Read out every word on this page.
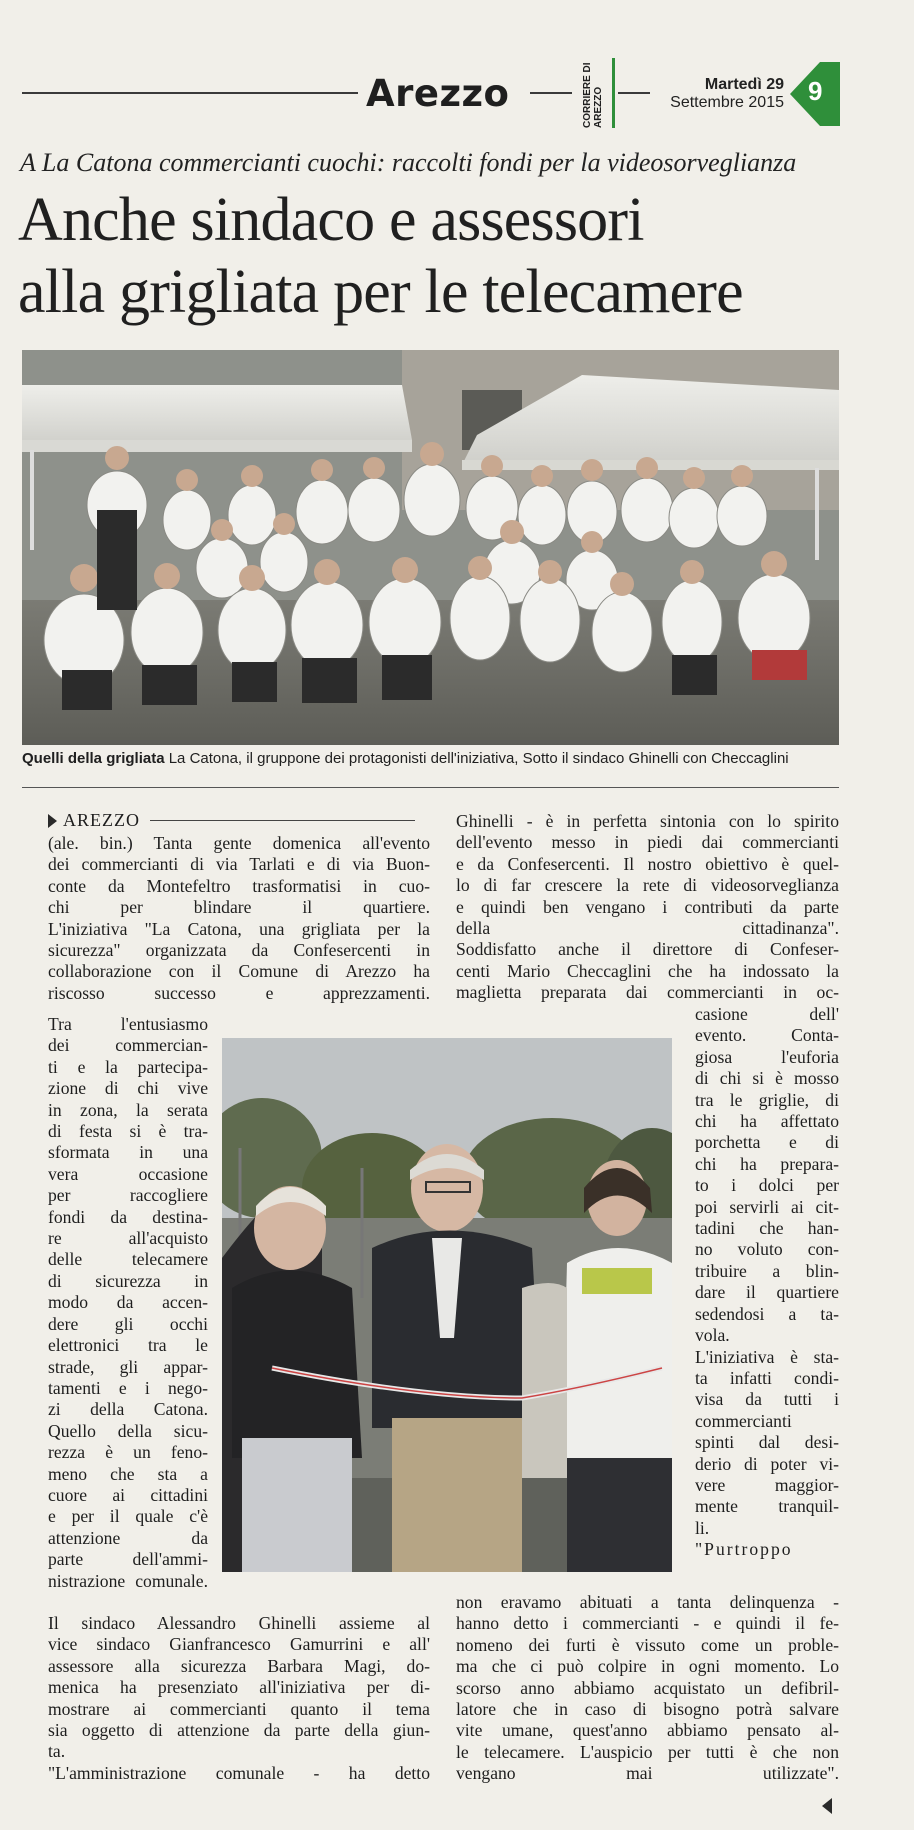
Arezzo	CORRIERE DI AREZZO
Martedì 29
Settembre 2015 9
A La Catona commercianti cuochi: raccolti fondi per la videosorveglianza
Anche sindaco e assessori
alla grigliata per le telecamere
Quelli della grigliata La Catona, il gruppone dei protagonisti dell'iniziativa, Sotto il sindaco Ghinelli con Checcaglini
AREZZO

(ale. bin.) Tanta gente domenica all'evento

dei commercianti di via Tarlati e di via Buon-

conte da Montefeltro trasformatisi in cuo-

chi per blindare il quartiere.

L'iniziativa "La Catona, una grigliata per la

sicurezza" organizzata da Confesercenti in

collaborazione con il Comune di Arezzo ha

riscosso successo e apprezzamenti.

Tra l'entusiasmo

dei commercian-

ti e la partecipa-

zione di chi vive

in zona, la serata

di festa si è tra-

sformata in una

vera occasione

per raccogliere

fondi da destina-

re all'acquisto

delle telecamere

di sicurezza in

modo da accen-

dere gli occhi

elettronici tra le

strade, gli appar-

tamenti e i nego-

zi della Catona.

Quello della sicu-

rezza è un feno-

meno che sta a

cuore ai cittadini

e per il quale c'è

attenzione da

parte dell'ammi-

nistrazione comunale.

Il sindaco Alessandro Ghinelli assieme al

vice sindaco Gianfrancesco Gamurrini e all'

assessore alla sicurezza Barbara Magi, do-

menica ha presenziato all'iniziativa per di-

mostrare ai commercianti quanto il tema

sia oggetto di attenzione da parte della giun-

ta.

"L'amministrazione comunale - ha detto

Ghinelli - è in perfetta sintonia con lo spirito

dell'evento messo in piedi dai commercianti

e da Confesercenti. Il nostro obiettivo è quel-

lo di far crescere la rete di videosorveglianza

e quindi ben vengano i contributi da parte

della cittadinanza".

Soddisfatto anche il direttore di Confeser-

centi Mario Checcaglini che ha indossato la

maglietta preparata dai commercianti in oc-

casione dell'

evento. Conta-

giosa l'euforia

di chi si è mosso

tra le griglie, di

chi ha affettato

porchetta e di

chi ha prepara-

to i dolci per

poi servirli ai cit-

tadini che han-

no voluto con-

tribuire a blin-

dare il quartiere

sedendosi a ta-

vola.

L'iniziativa è sta-

ta infatti condi-

visa da tutti i

commercianti

spinti dal desi-

derio di poter vi-

vere maggior-

mente tranquil-

li.

"Purtroppo

non eravamo abituati a tanta delinquenza -

hanno detto i commercianti - e quindi il fe-

nomeno dei furti è vissuto come un proble-

ma che ci può colpire in ogni momento. Lo

scorso anno abbiamo acquistato un defibril-

latore che in caso di bisogno potrà salvare

vite umane, quest'anno abbiamo pensato al-

le telecamere. L'auspicio per tutti è che non

vengano mai utilizzate".
